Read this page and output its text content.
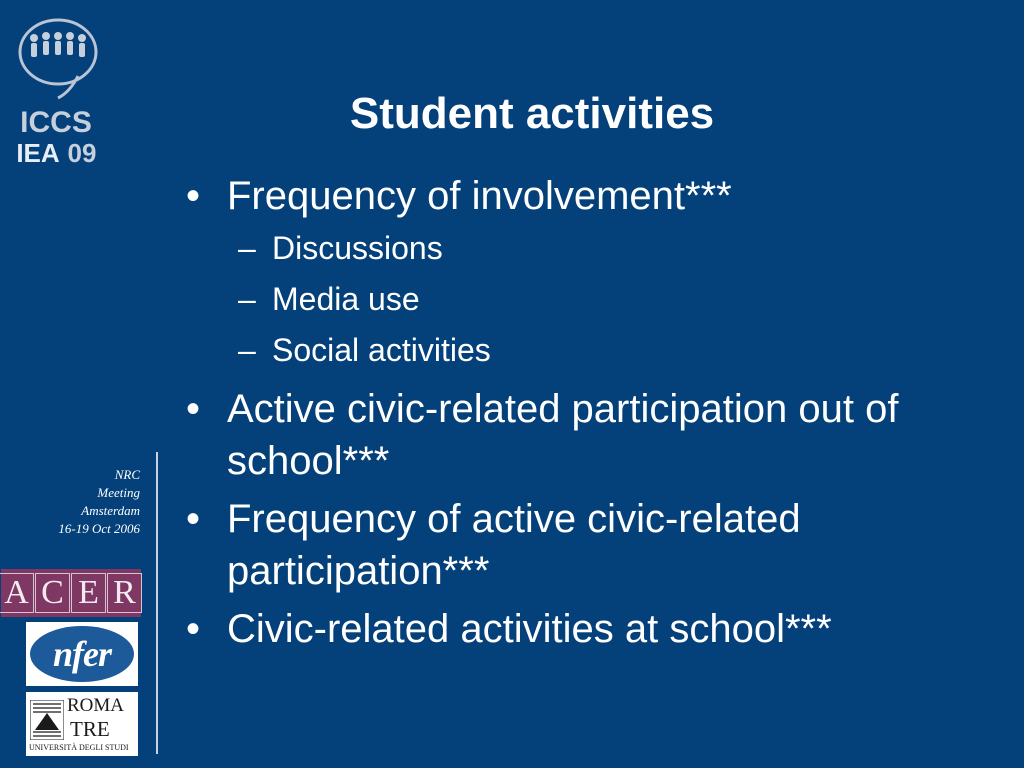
ICCS
IEA 09
NRC
Meeting
Amsterdam
16-19 Oct 2006
A C E R
nfer
ROMA
TRE
UNIVERSITÀ DEGLI STUDI
Student activities
• Frequency of involvement***
– Discussions
– Media use
– Social activities
• Active civic-related participation out of school***
• Frequency of active civic-related participation***
• Civic-related activities at school***
